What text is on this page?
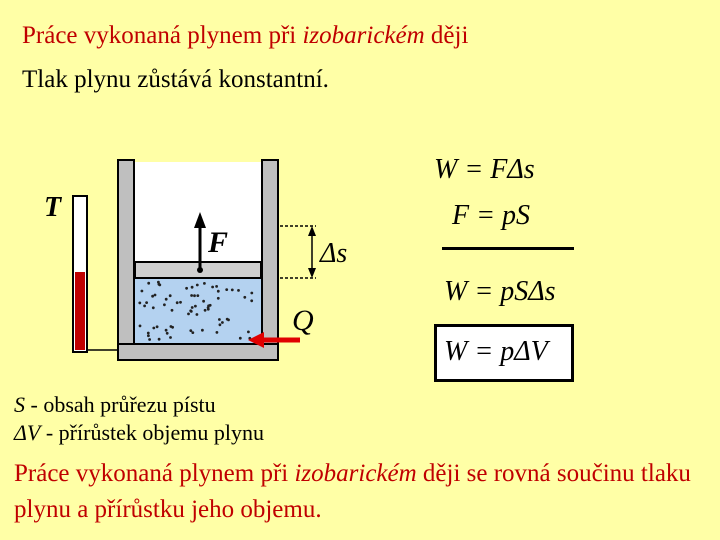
Práce vykonaná plynem při izobarickém ději
Tlak plynu zůstává konstantní.
T
F	Δs
Q
W = FΔs
F = pS
W = pSΔs
W = pΔV
S - obsah průřezu pístu
ΔV - přírůstek objemu plynu
Práce vykonaná plynem při izobarickém ději se rovná součinu tlaku plynu a přírůstku jeho objemu.
